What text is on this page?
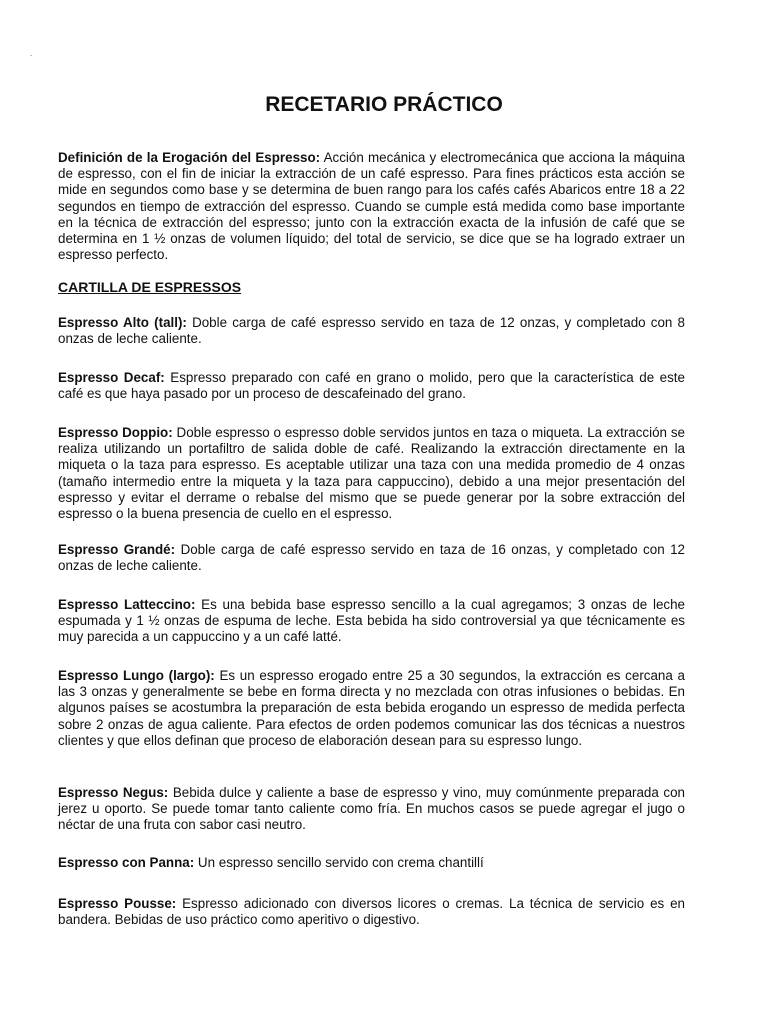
.
RECETARIO PRÁCTICO

Definición de la Erogación del Espresso: Acción mecánica y electromecánica que acciona la máquina de espresso, con el fin de iniciar la extracción de un café espresso. Para fines prácticos esta acción se mide en segundos como base y se determina de buen rango para los cafés cafés Abaricos entre 18 a 22 segundos en tiempo de extracción del espresso. Cuando se cumple está medida como base importante en la técnica de extracción del espresso; junto con la extracción exacta de la infusión de café que se determina en 1 ½ onzas de volumen líquido; del total de servicio, se dice que se ha logrado extraer un espresso perfecto.

CARTILLA DE ESPRESSOS

Espresso Alto (tall): Doble carga de café espresso servido en taza de 12 onzas, y completado con 8 onzas de leche caliente.

Espresso Decaf: Espresso preparado con café en grano o molido, pero que la característica de este café es que haya pasado por un proceso de descafeinado del grano.

Espresso Doppio: Doble espresso o espresso doble servidos juntos en taza o miqueta. La extracción se realiza utilizando un portafiltro de salida doble de café. Realizando la extracción directamente en la miqueta o la taza para espresso. Es aceptable utilizar una taza con una medida promedio de 4 onzas (tamaño intermedio entre la miqueta y la taza para cappuccino), debido a una mejor presentación del espresso y evitar el derrame o rebalse del mismo que se puede generar por la sobre extracción del espresso o la buena presencia de cuello en el espresso.

Espresso Grandé: Doble carga de café espresso servido en taza de 16 onzas, y completado con 12 onzas de leche caliente.

Espresso Latteccino: Es una bebida base espresso sencillo a la cual agregamos; 3 onzas de leche espumada y 1 ½ onzas de espuma de leche. Esta bebida ha sido controversial ya que técnicamente es muy parecida a un cappuccino y a un café latté.

Espresso Lungo (largo): Es un espresso erogado entre 25 a 30 segundos, la extracción es cercana a las 3 onzas y generalmente se bebe en forma directa y no mezclada con otras infusiones o bebidas. En algunos países se acostumbra la preparación de esta bebida erogando un espresso de medida perfecta sobre 2 onzas de agua caliente. Para efectos de orden podemos comunicar las dos técnicas a nuestros clientes y que ellos definan que proceso de elaboración desean para su espresso lungo.

Espresso Negus: Bebida dulce y caliente a base de espresso y vino, muy comúnmente preparada con jerez u oporto. Se puede tomar tanto caliente como fría. En muchos casos se puede agregar el jugo o néctar de una fruta con sabor casi neutro.

Espresso con Panna: Un espresso sencillo servido con crema chantillí

Espresso Pousse: Espresso adicionado con diversos licores o cremas. La técnica de servicio es en bandera. Bebidas de uso práctico como aperitivo o digestivo.
